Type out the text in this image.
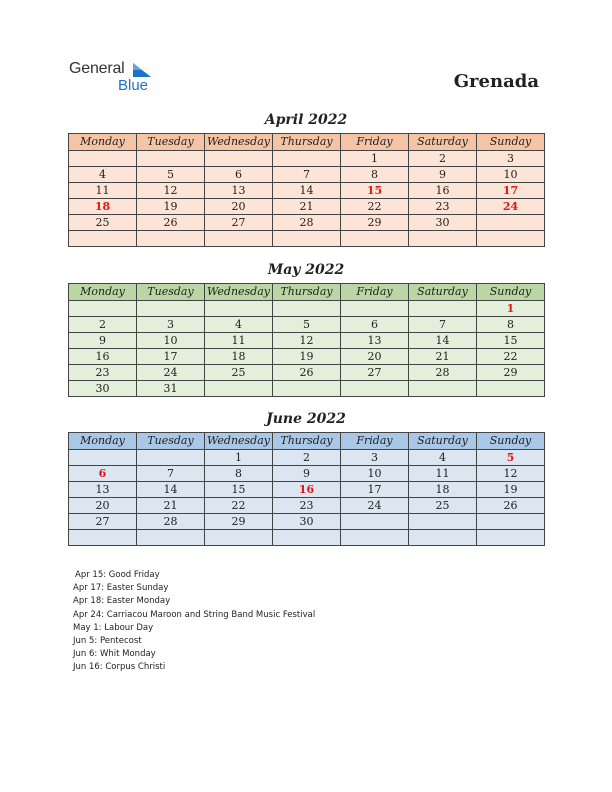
General
Blue	Grenada
April 2022
Monday	Tuesday	Wednesday	Thursday	Friday	Saturday	Sunday
				1	2	3
4	5	6	7	8	9	10
11	12	13	14	15	16	17
18	19	20	21	22	23	24
25	26	27	28	29	30	

May 2022
Monday	Tuesday	Wednesday	Thursday	Friday	Saturday	Sunday
						1
2	3	4	5	6	7	8
9	10	11	12	13	14	15
16	17	18	19	20	21	22
23	24	25	26	27	28	29
30	31					
June 2022
Monday	Tuesday	Wednesday	Thursday	Friday	Saturday	Sunday
		1	2	3	4	5
6	7	8	9	10	11	12
13	14	15	16	17	18	19
20	21	22	23	24	25	26
27	28	29	30			

Apr 15: Good Friday
Apr 17: Easter Sunday
Apr 18: Easter Monday
Apr 24: Carriacou Maroon and String Band Music Festival
May 1: Labour Day
Jun 5: Pentecost
Jun 6: Whit Monday
Jun 16: Corpus Christi
